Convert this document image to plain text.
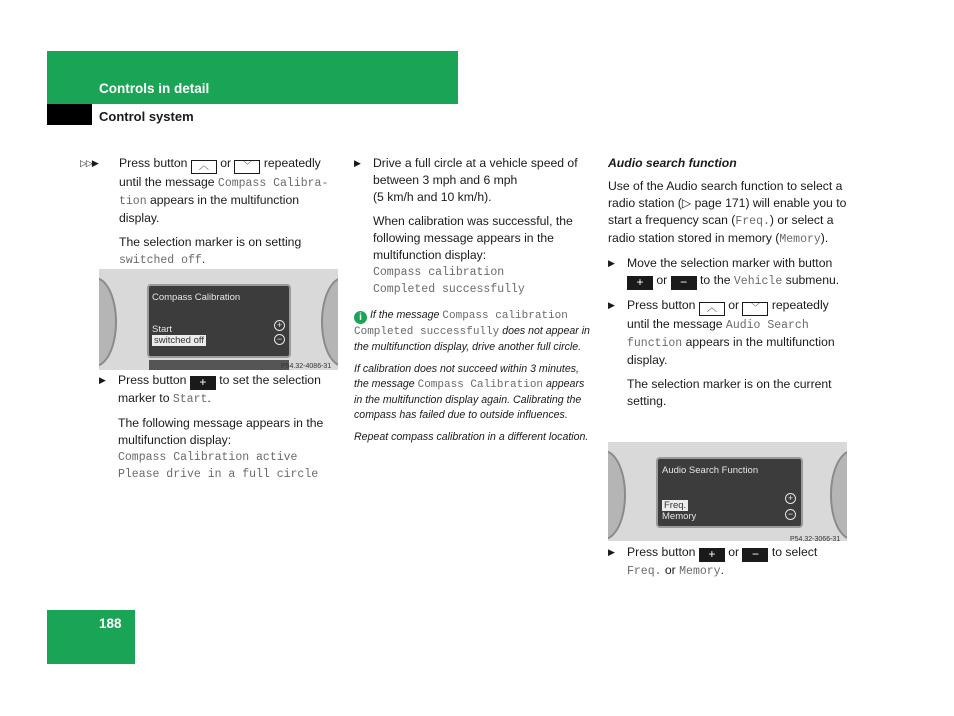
Controls in detail
Control system
▷▷▶ Press button ︿ or ﹀ repeatedly until the message Compass Calibra-tion appears in the multifunction display.
The selection marker is on setting switched off.
Compass Calibration
Start
switched off
+
−
P54.32-4086-31
▶ Press button + to set the selection marker to Start.
The following message appears in the multifunction display:
Compass Calibration active
Please drive in a full circle
▶ Drive a full circle at a vehicle speed of between 3 mph and 6 mph
(5 km/h and 10 km/h).
When calibration was successful, the following message appears in the multifunction display:
Compass calibration
Completed successfully
i If the message Compass calibration Completed successfully does not appear in the multifunction display, drive another full circle.
If calibration does not succeed within 3 minutes, the message Compass Calibration appears in the multifunction display again. Calibrating the compass has failed due to outside influences.
Repeat compass calibration in a different location.
Audio search function
Use of the Audio search function to select a radio station (▷ page 171) will enable you to start a frequency scan (Freq.) or select a radio station stored in memory (Memory).
▶ Move the selection marker with button + or − to the Vehicle submenu.
▶ Press button ︿ or ﹀ repeatedly until the message Audio Search function appears in the multifunction display.
The selection marker is on the current setting.
Audio Search Function
Freq.
Memory
+
−
P54.32-3066-31
▶ Press button + or − to select Freq. or Memory.
188
